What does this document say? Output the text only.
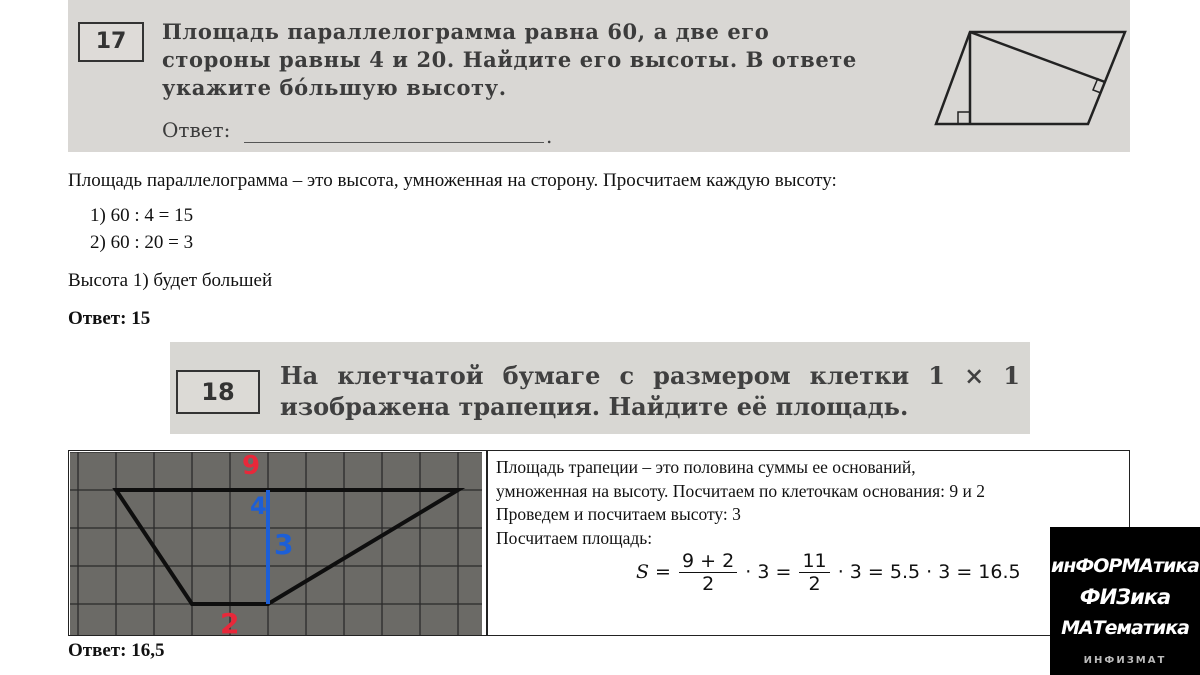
17	Площадь параллелограмма равна 60, а две его стороны равны 4 и 20. Найдите его высоты. В ответе укажите бо́льшую высоту.
Ответ:	.
Площадь параллелограмма – это высота, умноженная на сторону. Просчитаем каждую высоту:
1) 60 : 4 = 15
2) 60 : 20 = 3
Высота 1) будет большей
Ответ: 15
18
На клетчатой бумаге с размером клетки 1 × 1 изображена трапеция. Найдите её площадь.
9
4
3
2
Площадь трапеции – это половина суммы ее оснований,
умноженная на высоту. Посчитаем по клеточкам основания: 9 и 2
Проведем и посчитаем высоту: 3
Посчитаем площадь:
$S = \frac{9 + 2}{2} \cdot 3 = \frac{11}{2} \cdot 3 = 5.5 \cdot 3 = 16.5$
Ответ: 16,5
инФОРМАтика
ФИЗика
МАТематика
ИНФИЗМАТ
